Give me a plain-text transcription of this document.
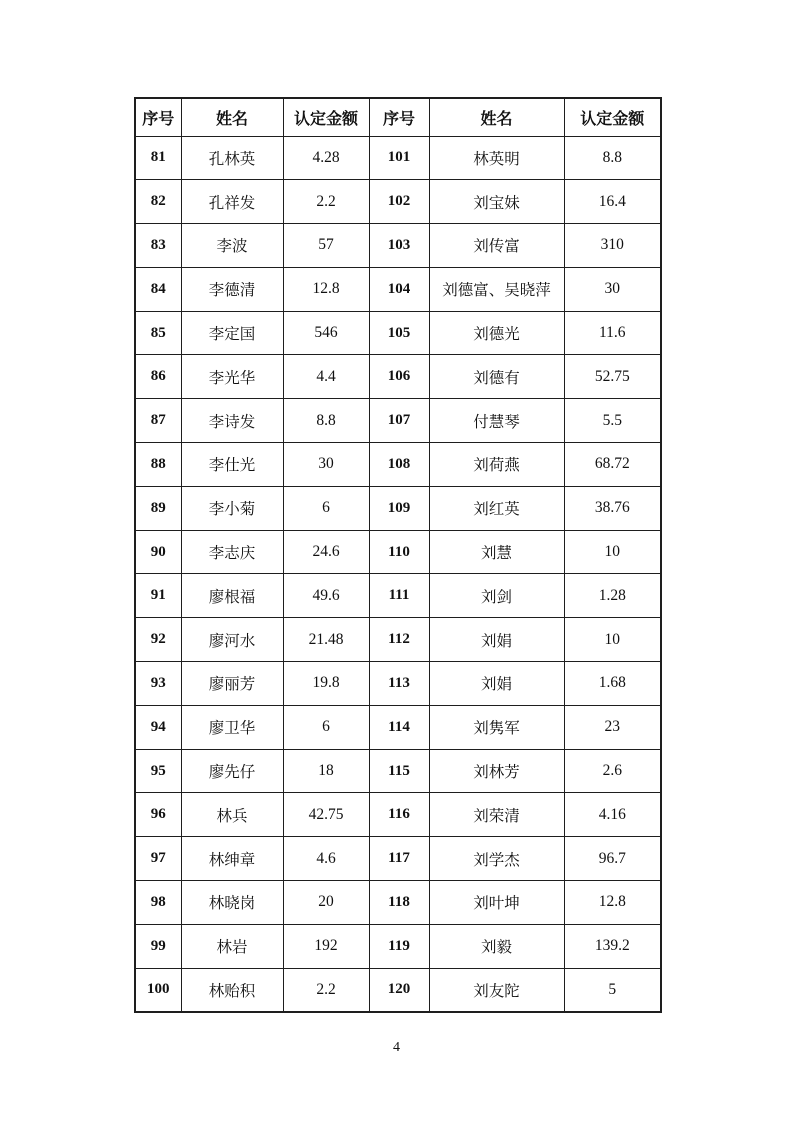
序号	姓名	认定金额	序号	姓名	认定金额
81	孔林英	4.28	101	林英明	8.8
82	孔祥发	2.2	102	刘宝妹	16.4
83	李波	57	103	刘传富	310
84	李德清	12.8	104	刘德富、吴晓萍	30
85	李定国	546	105	刘德光	11.6
86	李光华	4.4	106	刘德有	52.75
87	李诗发	8.8	107	付慧琴	5.5
88	李仕光	30	108	刘荷燕	68.72
89	李小菊	6	109	刘红英	38.76
90	李志庆	24.6	110	刘慧	10
91	廖根福	49.6	111	刘剑	1.28
92	廖河水	21.48	112	刘娟	10
93	廖丽芳	19.8	113	刘娟	1.68
94	廖卫华	6	114	刘隽军	23
95	廖先仔	18	115	刘林芳	2.6
96	林兵	42.75	116	刘荣清	4.16
97	林绅章	4.6	117	刘学杰	96.7
98	林晓岗	20	118	刘叶坤	12.8
99	林岩	192	119	刘毅	139.2
100	林贻积	2.2	120	刘友陀	5
4
